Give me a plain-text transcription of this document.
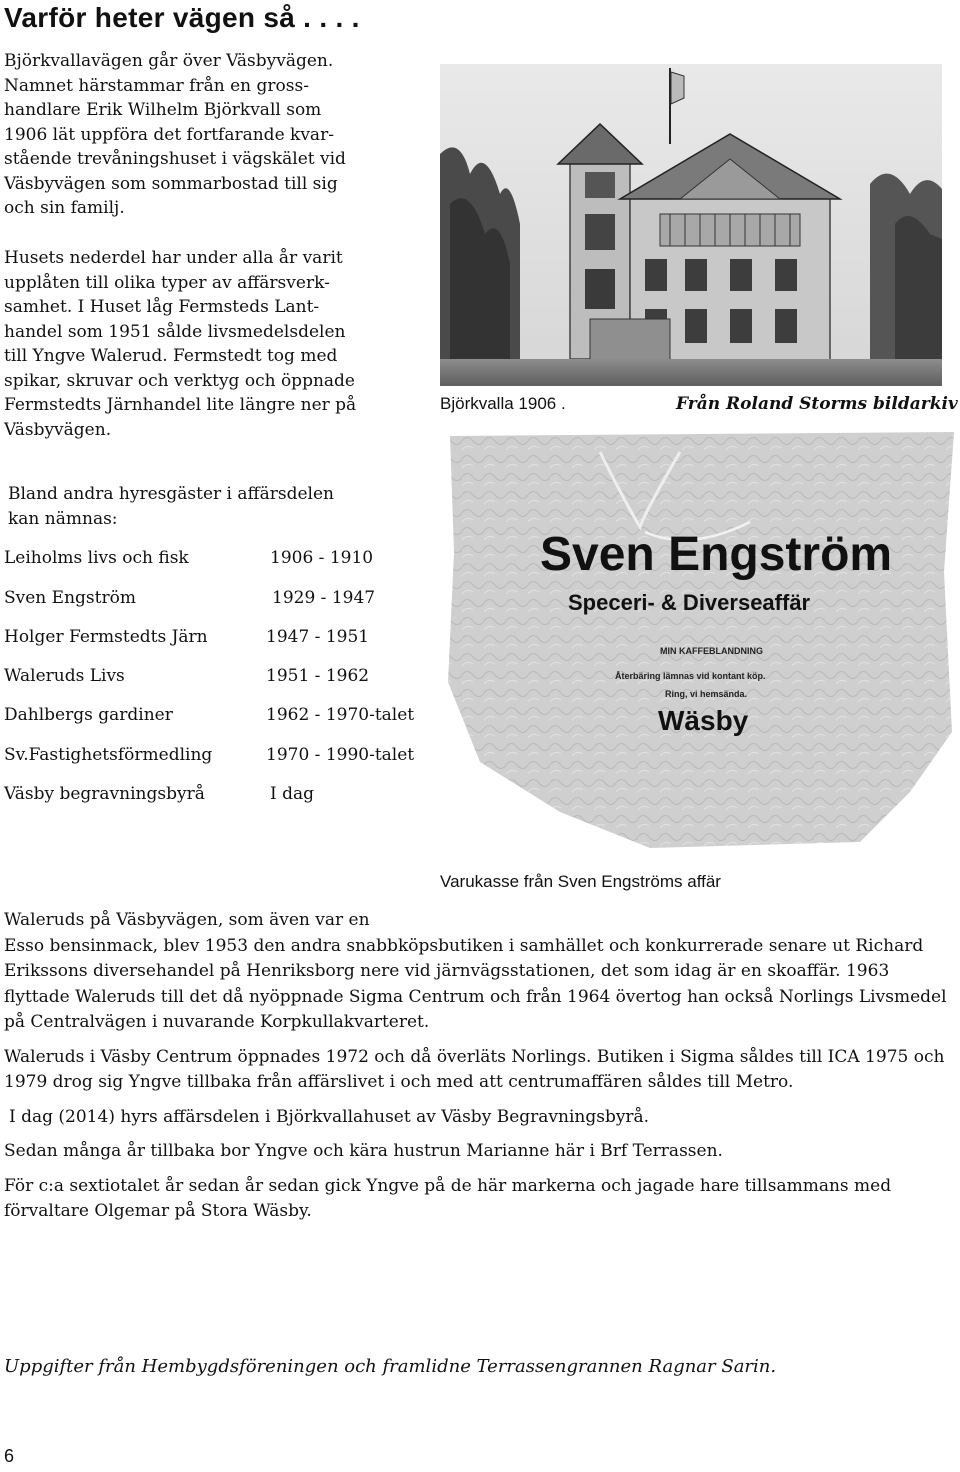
Varför heter vägen så . . . .

Björkvallavägen går över Väsbyvägen.
Namnet härstammar från en gross-
handlare Erik Wilhelm Björkvall som
1906 lät uppföra det fortfarande kvar-
stående trevåningshuset i vägskälet vid
Väsbyvägen som sommarbostad till sig
och sin familj.

Husets nederdel har under alla år varit
upplåten till olika typer av affärsverk-
samhet. I Huset låg Fermsteds Lant-
handel som 1951 sålde livsmedelsdelen
till Yngve Walerud. Fermstedt tog med
spikar, skruvar och verktyg och öppnade
Fermstedts Järnhandel lite längre ner på
Väsbyvägen.

Bland andra hyresgäster i affärsdelen
kan nämnas:

Leiholms livs och fisk	1906 - 1910
Sven Engström	1929 - 1947
Holger Fermstedts Järn	1947 - 1951
Waleruds Livs	1951 - 1962
Dahlbergs gardiner	1962 - 1970-talet
Sv.Fastighetsförmedling	1970 - 1990-talet
Väsby begravningsbyrå	I dag
Björkvalla 1906 .	Från Roland Storms bildarkiv
Sven Engström
Speceri- & Diverseaffär
MIN KAFFEBLANDNING
Återbäring lämnas vid kontant köp.
Ring, vi hemsända.
Wäsby
Varukasse från Sven Engströms affär

Waleruds på Väsbyvägen, som även var en
Esso bensinmack, blev 1953 den andra snabbköpsbutiken i samhället och konkurrerade senare ut Richard Erikssons diversehandel på Henriksborg nere vid järnvägsstationen, det som idag är en skoaffär. 1963 flyttade Waleruds till det då nyöppnade Sigma Centrum och från 1964 övertog han också Norlings Livsmedel på Centralvägen i nuvarande Korpkullakvarteret.

Waleruds i Väsby Centrum öppnades 1972 och då överläts Norlings. Butiken i Sigma såldes till ICA 1975 och 1979 drog sig Yngve tillbaka från affärslivet i och med att centrumaffären såldes till Metro.

I dag (2014) hyrs affärsdelen i Björkvallahuset av Väsby Begravningsbyrå.

Sedan många år tillbaka bor Yngve och kära hustrun Marianne här i Brf Terrassen.

För c:a sextiotalet år sedan år sedan gick Yngve på de här markerna och jagade hare tillsammans med förvaltare Olgemar på Stora Wäsby.

Uppgifter från Hembygdsföreningen och framlidne Terrassengrannen Ragnar Sarin.
6
